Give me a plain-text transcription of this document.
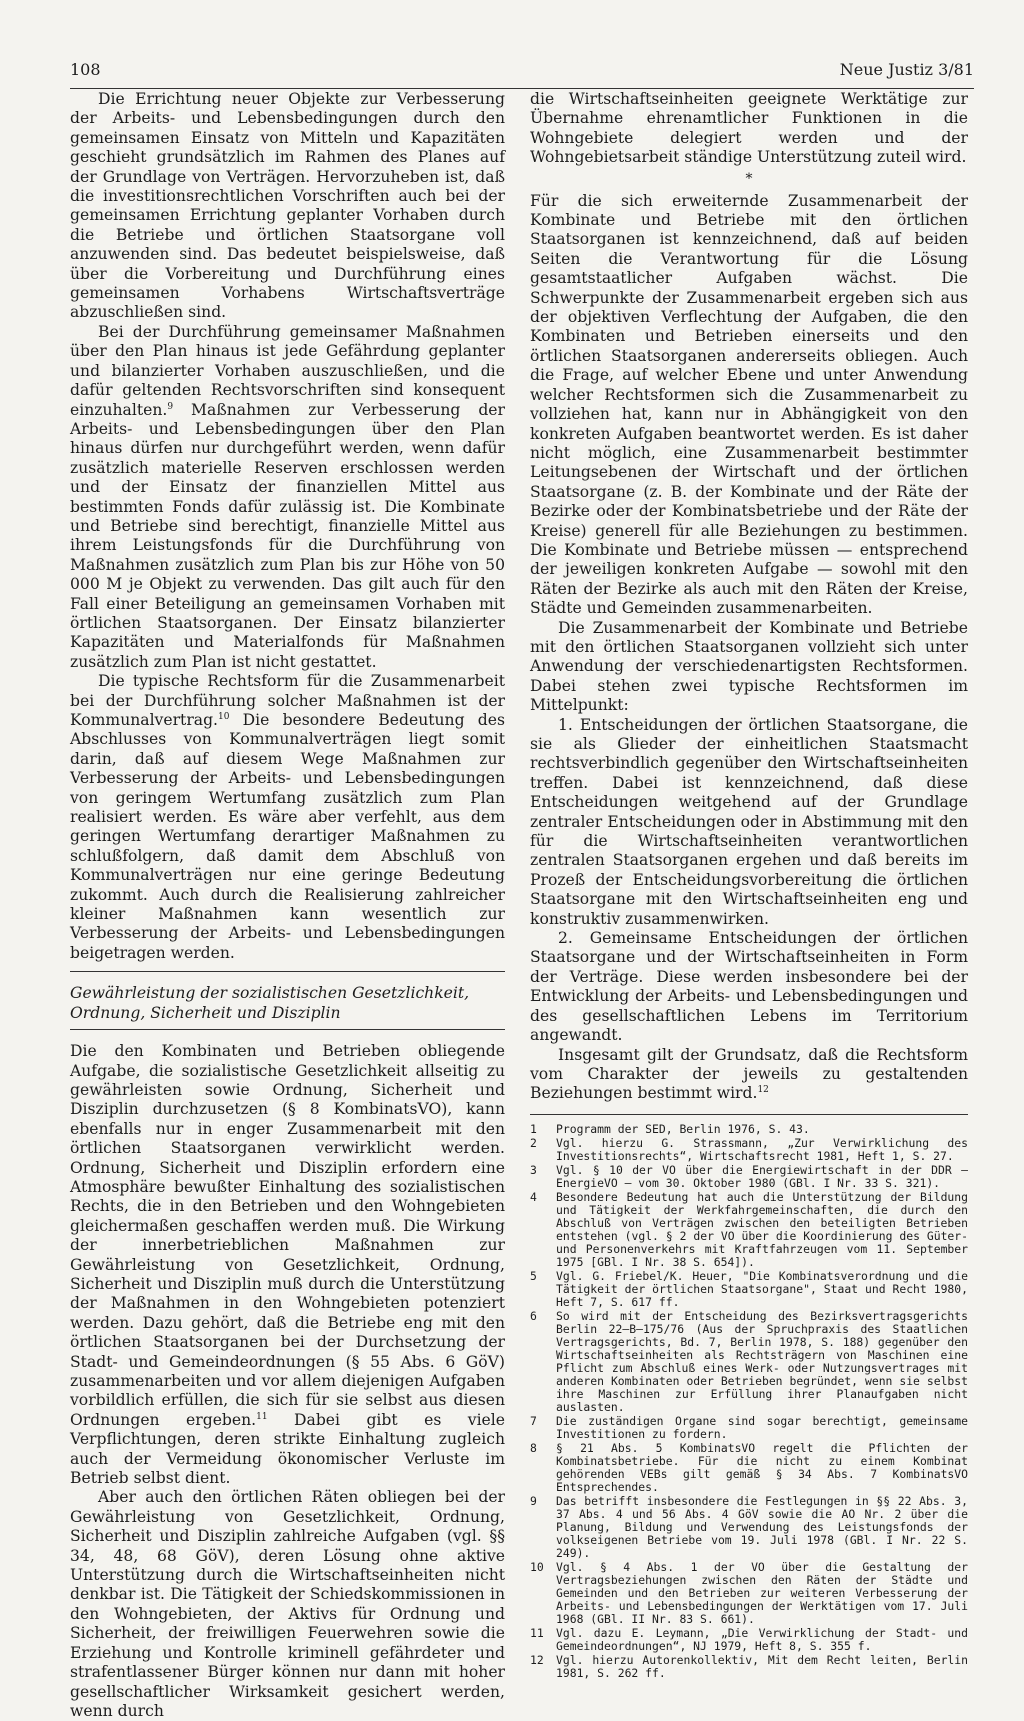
108	Neue Justiz 3/81

Die Errichtung neuer Objekte zur Verbesserung der Arbeits- und Lebensbedingungen durch den gemeinsamen Einsatz von Mitteln und Kapazitäten geschieht grundsätzlich im Rahmen des Planes auf der Grundlage von Verträgen. Hervorzuheben ist, daß die investitionsrechtlichen Vorschriften auch bei der gemeinsamen Errichtung geplanter Vorhaben durch die Betriebe und örtlichen Staatsorgane voll anzuwenden sind. Das bedeutet beispielsweise, daß über die Vorbereitung und Durchführung eines gemeinsamen Vorhabens Wirtschaftsverträge abzuschließen sind.

Bei der Durchführung gemeinsamer Maßnahmen über den Plan hinaus ist jede Gefährdung geplanter und bilanzierter Vorhaben auszuschließen, und die dafür geltenden Rechtsvorschriften sind konsequent einzuhalten.$^9$ Maßnahmen zur Verbesserung der Arbeits- und Lebensbedingungen über den Plan hinaus dürfen nur durchgeführt werden, wenn dafür zusätzlich materielle Reserven erschlossen werden und der Einsatz der finanziellen Mittel aus bestimmten Fonds dafür zulässig ist. Die Kombinate und Betriebe sind berechtigt, finanzielle Mittel aus ihrem Leistungsfonds für die Durchführung von Maßnahmen zusätzlich zum Plan bis zur Höhe von 50 000 M je Objekt zu verwenden. Das gilt auch für den Fall einer Beteiligung an gemeinsamen Vorhaben mit örtlichen Staatsorganen. Der Einsatz bilanzierter Kapazitäten und Materialfonds für Maßnahmen zusätzlich zum Plan ist nicht gestattet.

Die typische Rechtsform für die Zusammenarbeit bei der Durchführung solcher Maßnahmen ist der Kommunalvertrag.$^{10}$ Die besondere Bedeutung des Abschlusses von Kommunalverträgen liegt somit darin, daß auf diesem Wege Maßnahmen zur Verbesserung der Arbeits- und Lebensbedingungen von geringem Wertumfang zusätzlich zum Plan realisiert werden. Es wäre aber verfehlt, aus dem geringen Wertumfang derartiger Maßnahmen zu schlußfolgern, daß damit dem Abschluß von Kommunalverträgen nur eine geringe Bedeutung zukommt. Auch durch die Realisierung zahlreicher kleiner Maßnahmen kann wesentlich zur Verbesserung der Arbeits- und Lebensbedingungen beigetragen werden.

Gewährleistung der sozialistischen Gesetzlichkeit, Ordnung, Sicherheit und Disziplin

Die den Kombinaten und Betrieben obliegende Aufgabe, die sozialistische Gesetzlichkeit allseitig zu gewährleisten sowie Ordnung, Sicherheit und Disziplin durchzusetzen (§ 8 KombinatsVO), kann ebenfalls nur in enger Zusammenarbeit mit den örtlichen Staatsorganen verwirklicht werden. Ordnung, Sicherheit und Disziplin erfordern eine Atmosphäre bewußter Einhaltung des sozialistischen Rechts, die in den Betrieben und den Wohngebieten gleichermaßen geschaffen werden muß. Die Wirkung der innerbetrieblichen Maßnahmen zur Gewährleistung von Gesetzlichkeit, Ordnung, Sicherheit und Disziplin muß durch die Unterstützung der Maßnahmen in den Wohngebieten potenziert werden. Dazu gehört, daß die Betriebe eng mit den örtlichen Staatsorganen bei der Durchsetzung der Stadt- und Gemeindeordnungen (§ 55 Abs. 6 GöV) zusammenarbeiten und vor allem diejenigen Aufgaben vorbildlich erfüllen, die sich für sie selbst aus diesen Ordnungen ergeben.$^{11}$ Dabei gibt es viele Verpflichtungen, deren strikte Einhaltung zugleich auch der Vermeidung ökonomischer Verluste im Betrieb selbst dient.

Aber auch den örtlichen Räten obliegen bei der Gewährleistung von Gesetzlichkeit, Ordnung, Sicherheit und Disziplin zahlreiche Aufgaben (vgl. §§ 34, 48, 68 GöV), deren Lösung ohne aktive Unterstützung durch die Wirtschaftseinheiten nicht denkbar ist. Die Tätigkeit der Schiedskommissionen in den Wohngebieten, der Aktivs für Ordnung und Sicherheit, der freiwilligen Feuerwehren sowie die Erziehung und Kontrolle kriminell gefährdeter und strafentlassener Bürger können nur dann mit hoher gesellschaftlicher Wirksamkeit gesichert werden, wenn durch

die Wirtschaftseinheiten geeignete Werktätige zur Übernahme ehrenamtlicher Funktionen in die Wohngebiete delegiert werden und der Wohngebietsarbeit ständige Unterstützung zuteil wird.

*

Für die sich erweiternde Zusammenarbeit der Kombinate und Betriebe mit den örtlichen Staatsorganen ist kennzeichnend, daß auf beiden Seiten die Verantwortung für die Lösung gesamtstaatlicher Aufgaben wächst. Die Schwerpunkte der Zusammenarbeit ergeben sich aus der objektiven Verflechtung der Aufgaben, die den Kombinaten und Betrieben einerseits und den örtlichen Staatsorganen andererseits obliegen. Auch die Frage, auf welcher Ebene und unter Anwendung welcher Rechtsformen sich die Zusammenarbeit zu vollziehen hat, kann nur in Abhängigkeit von den konkreten Aufgaben beantwortet werden. Es ist daher nicht möglich, eine Zusammenarbeit bestimmter Leitungsebenen der Wirtschaft und der örtlichen Staatsorgane (z. B. der Kombinate und der Räte der Bezirke oder der Kombinatsbetriebe und der Räte der Kreise) generell für alle Beziehungen zu bestimmen. Die Kombinate und Betriebe müssen — entsprechend der jeweiligen konkreten Aufgabe — sowohl mit den Räten der Bezirke als auch mit den Räten der Kreise, Städte und Gemeinden zusammenarbeiten.

Die Zusammenarbeit der Kombinate und Betriebe mit den örtlichen Staatsorganen vollzieht sich unter Anwendung der verschiedenartigsten Rechtsformen. Dabei stehen zwei typische Rechtsformen im Mittelpunkt:

1. Entscheidungen der örtlichen Staatsorgane, die sie als Glieder der einheitlichen Staatsmacht rechtsverbindlich gegenüber den Wirtschaftseinheiten treffen. Dabei ist kennzeichnend, daß diese Entscheidungen weitgehend auf der Grundlage zentraler Entscheidungen oder in Abstimmung mit den für die Wirtschaftseinheiten verantwortlichen zentralen Staatsorganen ergehen und daß bereits im Prozeß der Entscheidungsvorbereitung die örtlichen Staatsorgane mit den Wirtschaftseinheiten eng und konstruktiv zusammenwirken.

2. Gemeinsame Entscheidungen der örtlichen Staatsorgane und der Wirtschaftseinheiten in Form der Verträge. Diese werden insbesondere bei der Entwicklung der Arbeits- und Lebensbedingungen und des gesellschaftlichen Lebens im Territorium angewandt.

Insgesamt gilt der Grundsatz, daß die Rechtsform vom Charakter der jeweils zu gestaltenden Beziehungen bestimmt wird.$^{12}$

1	Programm der SED, Berlin 1976, S. 43.
2	Vgl. hierzu G. Strassmann, „Zur Verwirklichung des Investitionsrechts“, Wirtschaftsrecht 1981, Heft 1, S. 27.
3	Vgl. § 10 der VO über die Energiewirtschaft in der DDR – EnergieVO – vom 30. Oktober 1980 (GBl. I Nr. 33 S. 321).
4	Besondere Bedeutung hat auch die Unterstützung der Bildung und Tätigkeit der Werkfahrgemeinschaften, die durch den Abschluß von Verträgen zwischen den beteiligten Betrieben entstehen (vgl. § 2 der VO über die Koordinierung des Güter- und Personenverkehrs mit Kraftfahrzeugen vom 11. September 1975 [GBl. I Nr. 38 S. 654]).
5	Vgl. G. Friebel/K. Heuer, "Die Kombinatsverordnung und die Tätigkeit der örtlichen Staatsorgane", Staat und Recht 1980, Heft 7, S. 617 ff.
6	So wird mit der Entscheidung des Bezirksvertragsgerichts Berlin 22–B–175/76 (Aus der Spruchpraxis des Staatlichen Vertragsgerichts, Bd. 7, Berlin 1978, S. 188) gegenüber den Wirtschaftseinheiten als Rechtsträgern von Maschinen eine Pflicht zum Abschluß eines Werk- oder Nutzungsvertrages mit anderen Kombinaten oder Betrieben begründet, wenn sie selbst ihre Maschinen zur Erfüllung ihrer Planaufgaben nicht auslasten.
7	Die zuständigen Organe sind sogar berechtigt, gemeinsame Investitionen zu fordern.
8	§ 21 Abs. 5 KombinatsVO regelt die Pflichten der Kombinatsbetriebe. Für die nicht zu einem Kombinat gehörenden VEBs gilt gemäß § 34 Abs. 7 KombinatsVO Entsprechendes.
9	Das betrifft insbesondere die Festlegungen in §§ 22 Abs. 3, 37 Abs. 4 und 56 Abs. 4 GöV sowie die AO Nr. 2 über die Planung, Bildung und Verwendung des Leistungsfonds der volkseigenen Betriebe vom 19. Juli 1978 (GBl. I Nr. 22 S. 249).
10	Vgl. § 4 Abs. 1 der VO über die Gestaltung der Vertragsbeziehungen zwischen den Räten der Städte und Gemeinden und den Betrieben zur weiteren Verbesserung der Arbeits- und Lebensbedingungen der Werktätigen vom 17. Juli 1968 (GBl. II Nr. 83 S. 661).
11	Vgl. dazu E. Leymann, „Die Verwirklichung der Stadt- und Gemeindeordnungen“, NJ 1979, Heft 8, S. 355 f.
12	Vgl. hierzu Autorenkollektiv, Mit dem Recht leiten, Berlin 1981, S. 262 ff.
